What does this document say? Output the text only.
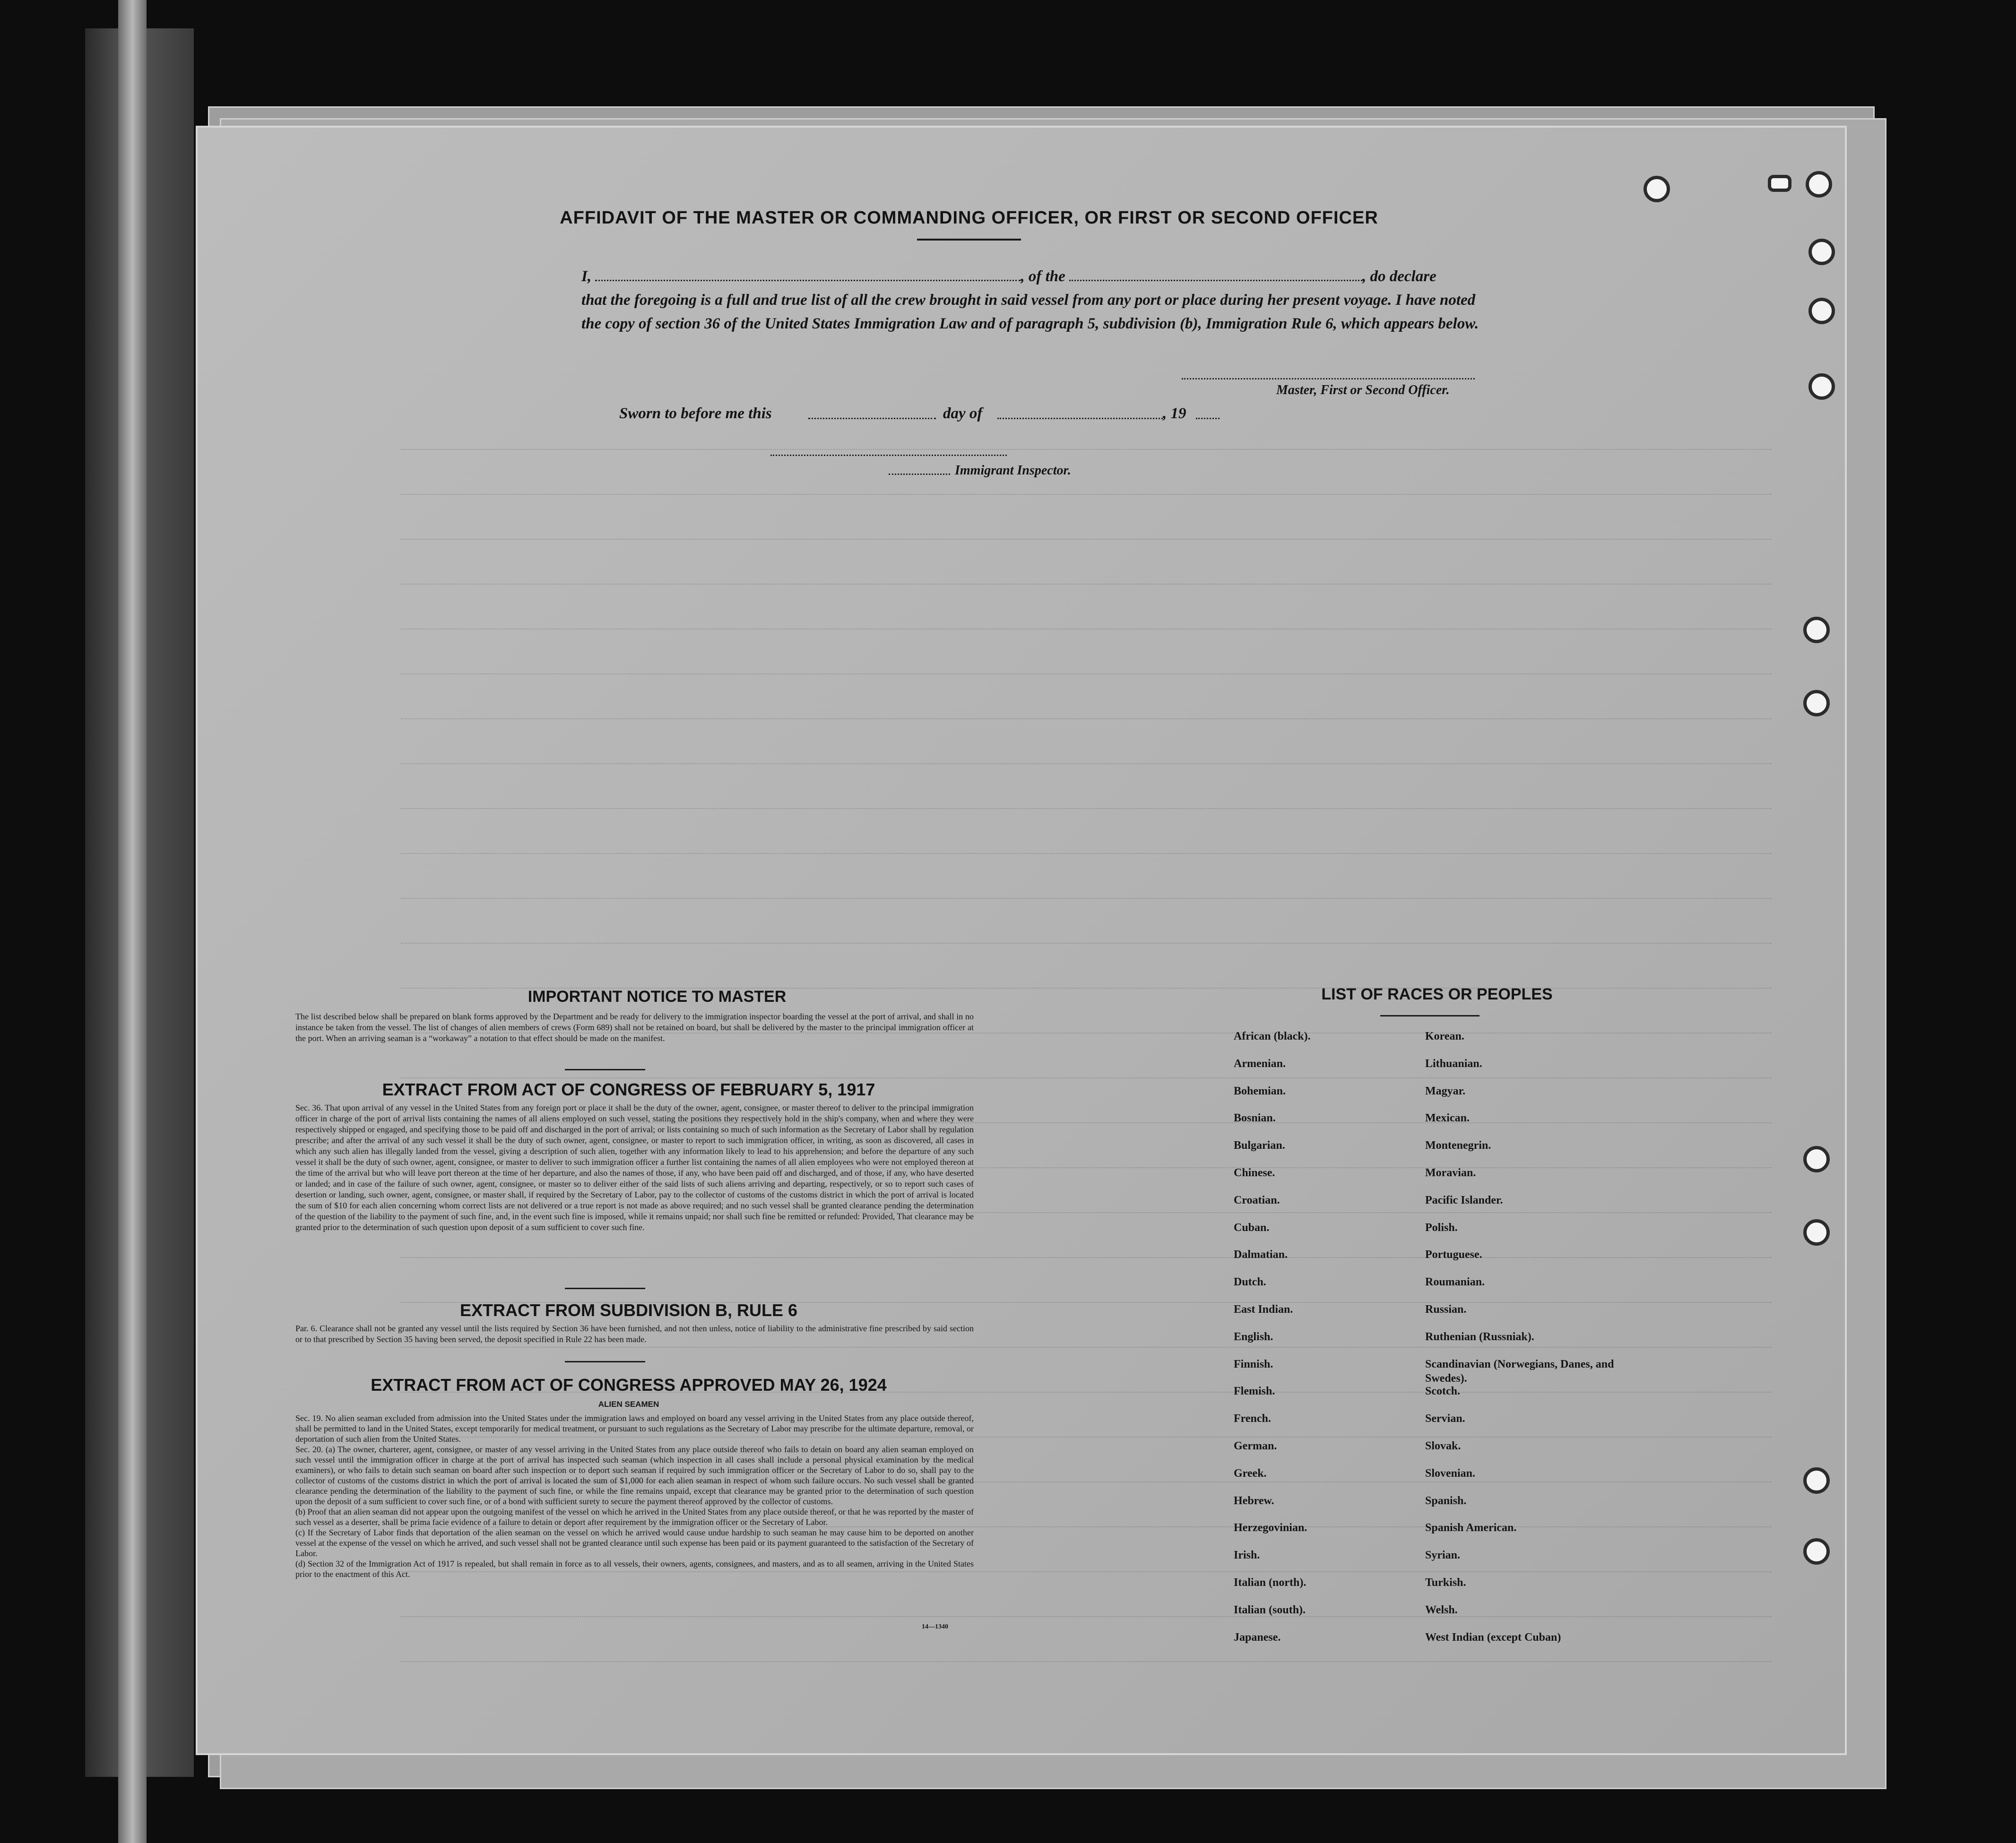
AFFIDAVIT OF THE MASTER OR COMMANDING OFFICER, OR FIRST OR SECOND OFFICER
I,	, of the	, do declare
that the foregoing is a full and true list of all the crew brought in said vessel from any port or place during her present voyage. I have noted the copy of section 36 of the United States Immigration Law and of paragraph 5, subdivision (b), Immigration Rule 6, which appears below.
Master, First or Second Officer.
Sworn to before me this	day of	, 19
Immigrant Inspector.
IMPORTANT NOTICE TO MASTER
The list described below shall be prepared on blank forms approved by the Department and be ready for delivery to the immigration inspector boarding the vessel at the port of arrival, and shall in no instance be taken from the vessel. The list of changes of alien members of crews (Form 689) shall not be retained on board, but shall be delivered by the master to the principal immigration officer at the port. When an arriving seaman is a “workaway” a notation to that effect should be made on the manifest.
EXTRACT FROM ACT OF CONGRESS OF FEBRUARY 5, 1917
Sec. 36. That upon arrival of any vessel in the United States from any foreign port or place it shall be the duty of the owner, agent, consignee, or master thereof to deliver to the principal immigration officer in charge of the port of arrival lists containing the names of all aliens employed on such vessel, stating the positions they respectively hold in the ship's company, when and where they were respectively shipped or engaged, and specifying those to be paid off and discharged in the port of arrival; or lists containing so much of such information as the Secretary of Labor shall by regulation prescribe; and after the arrival of any such vessel it shall be the duty of such owner, agent, consignee, or master to report to such immigration officer, in writing, as soon as discovered, all cases in which any such alien has illegally landed from the vessel, giving a description of such alien, together with any information likely to lead to his apprehension; and before the departure of any such vessel it shall be the duty of such owner, agent, consignee, or master to deliver to such immigration officer a further list containing the names of all alien employees who were not employed thereon at the time of the arrival but who will leave port thereon at the time of her departure, and also the names of those, if any, who have been paid off and discharged, and of those, if any, who have deserted or landed; and in case of the failure of such owner, agent, consignee, or master so to deliver either of the said lists of such aliens arriving and departing, respectively, or so to report such cases of desertion or landing, such owner, agent, consignee, or master shall, if required by the Secretary of Labor, pay to the collector of customs of the customs district in which the port of arrival is located the sum of $10 for each alien concerning whom correct lists are not delivered or a true report is not made as above required; and no such vessel shall be granted clearance pending the determination of the question of the liability to the payment of such fine, and, in the event such fine is imposed, while it remains unpaid; nor shall such fine be remitted or refunded: Provided, That clearance may be granted prior to the determination of such question upon deposit of a sum sufficient to cover such fine.
EXTRACT FROM SUBDIVISION B, RULE 6
Par. 6. Clearance shall not be granted any vessel until the lists required by Section 36 have been furnished, and not then unless, notice of liability to the administrative fine prescribed by said section or to that prescribed by Section 35 having been served, the deposit specified in Rule 22 has been made.
EXTRACT FROM ACT OF CONGRESS APPROVED MAY 26, 1924
ALIEN SEAMEN
Sec. 19. No alien seaman excluded from admission into the United States under the immigration laws and employed on board any vessel arriving in the United States from any place outside thereof, shall be permitted to land in the United States, except temporarily for medical treatment, or pursuant to such regulations as the Secretary of Labor may prescribe for the ultimate departure, removal, or deportation of such alien from the United States.
Sec. 20. (a) The owner, charterer, agent, consignee, or master of any vessel arriving in the United States from any place outside thereof who fails to detain on board any alien seaman employed on such vessel until the immigration officer in charge at the port of arrival has inspected such seaman (which inspection in all cases shall include a personal physical examination by the medical examiners), or who fails to detain such seaman on board after such inspection or to deport such seaman if required by such immigration officer or the Secretary of Labor to do so, shall pay to the collector of customs of the customs district in which the port of arrival is located the sum of $1,000 for each alien seaman in respect of whom such failure occurs. No such vessel shall be granted clearance pending the determination of the liability to the payment of such fine, or while the fine remains unpaid, except that clearance may be granted prior to the determination of such question upon the deposit of a sum sufficient to cover such fine, or of a bond with sufficient surety to secure the payment thereof approved by the collector of customs.
(b) Proof that an alien seaman did not appear upon the outgoing manifest of the vessel on which he arrived in the United States from any place outside thereof, or that he was reported by the master of such vessel as a deserter, shall be prima facie evidence of a failure to detain or deport after requirement by the immigration officer or the Secretary of Labor.
(c) If the Secretary of Labor finds that deportation of the alien seaman on the vessel on which he arrived would cause undue hardship to such seaman he may cause him to be deported on another vessel at the expense of the vessel on which he arrived, and such vessel shall not be granted clearance until such expense has been paid or its payment guaranteed to the satisfaction of the Secretary of Labor.
(d) Section 32 of the Immigration Act of 1917 is repealed, but shall remain in force as to all vessels, their owners, agents, consignees, and masters, and as to all seamen, arriving in the United States prior to the enactment of this Act.
14—1340
LIST OF RACES OR PEOPLES
African (black).
Armenian.
Bohemian.
Bosnian.
Bulgarian.
Chinese.
Croatian.
Cuban.
Dalmatian.
Dutch.
East Indian.
English.
Finnish.
Flemish.
French.
German.
Greek.
Hebrew.
Herzegovinian.
Irish.
Italian (north).
Italian (south).
Japanese.
Korean.
Lithuanian.
Magyar.
Mexican.
Montenegrin.
Moravian.
Pacific Islander.
Polish.
Portuguese.
Roumanian.
Russian.
Ruthenian (Russniak).
Scandinavian (Norwegians, Danes, and Swedes).
Scotch.
Servian.
Slovak.
Slovenian.
Spanish.
Spanish American.
Syrian.
Turkish.
Welsh.
West Indian (except Cuban)
